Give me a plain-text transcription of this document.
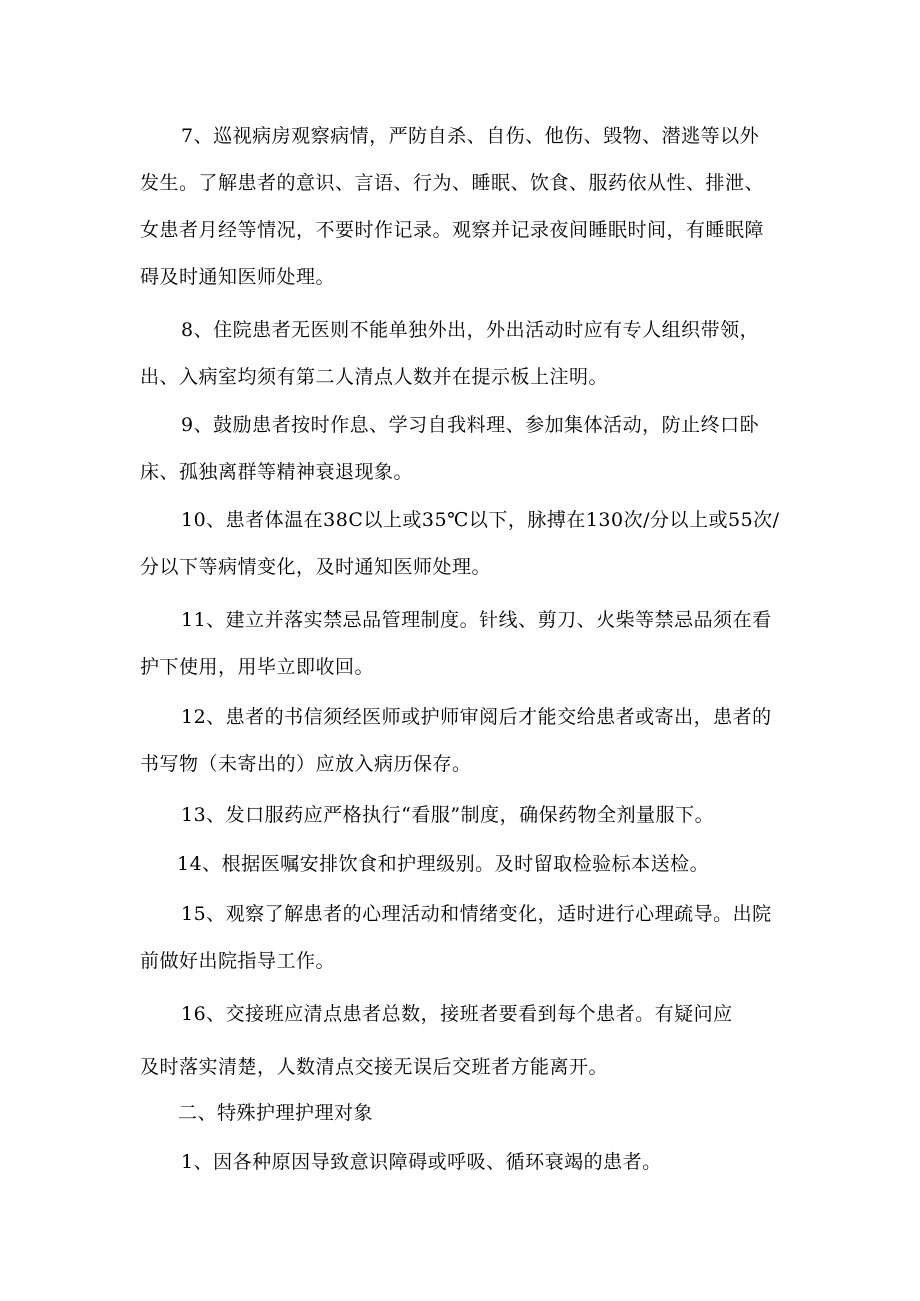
7、巡视病房观察病情，严防自杀、自伤、他伤、毁物、潜逃等以外
发生。了解患者的意识、言语、行为、睡眠、饮食、服药依从性、排泄、
女患者月经等情况，不要时作记录。观察并记录夜间睡眠时间，有睡眠障
碍及时通知医师处理。

8、住院患者无医则不能单独外出，外出活动时应有专人组织带领，
出、入病室均须有第二人清点人数并在提示板上注明。

9、鼓励患者按时作息、学习自我料理、参加集体活动，防止终口卧
床、孤独离群等精神衰退现象。

10、患者体温在38C以上或35℃以下，脉搏在130次/分以上或55次/
分以下等病情变化，及时通知医师处理。

11、建立并落实禁忌品管理制度。针线、剪刀、火柴等禁忌品须在看
护下使用，用毕立即收回。

12、患者的书信须经医师或护师审阅后才能交给患者或寄出，患者的
书写物（未寄出的）应放入病历保存。

13、发口服药应严格执行“看服”制度，确保药物全剂量服下。

14、根据医嘱安排饮食和护理级别。及时留取检验标本送检。

15、观察了解患者的心理活动和情绪变化，适时进行心理疏导。出院
前做好出院指导工作。

16、交接班应清点患者总数，接班者要看到每个患者。有疑问应
及时落实清楚，人数清点交接无误后交班者方能离开。

二、特殊护理护理对象

1、因各种原因导致意识障碍或呼吸、循环衰竭的患者。
